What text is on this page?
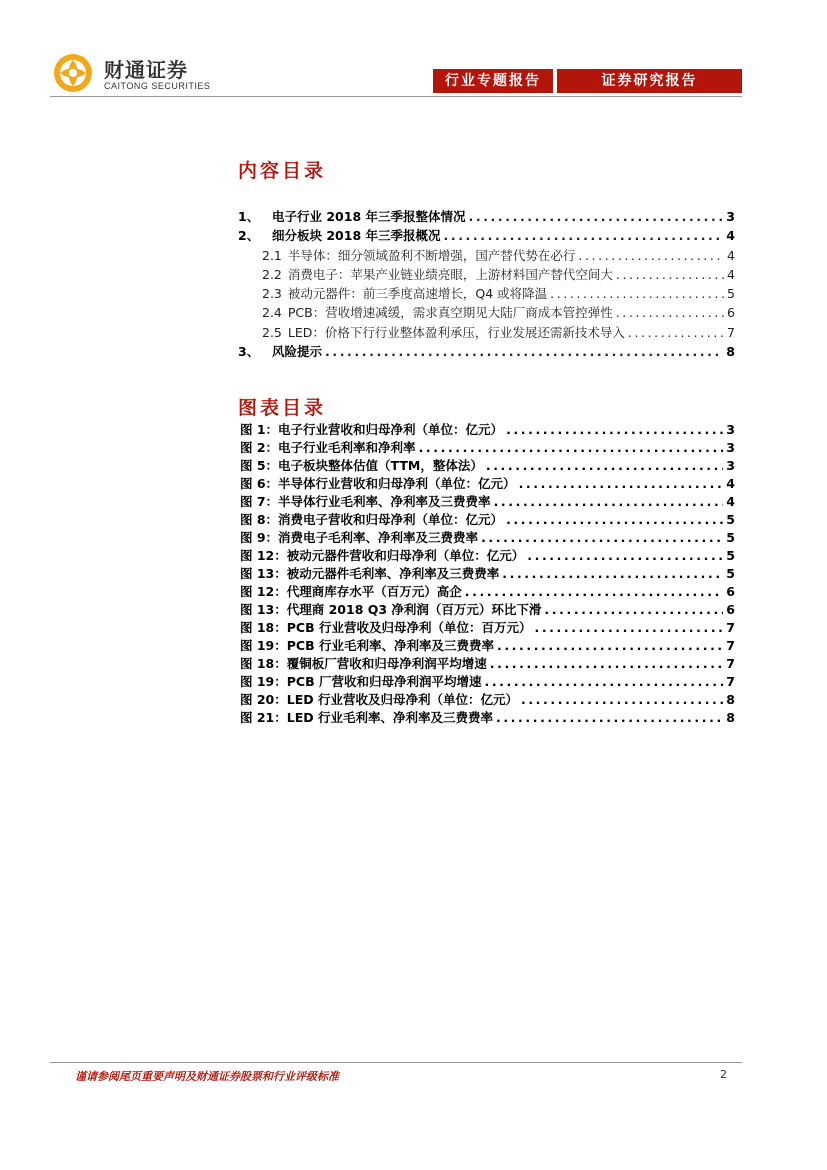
财通证券
CAITONG SECURITIES	行业专题报告	证券研究报告
内容目录
1、	电子行业 2018 年三季报整体情况 .....	3
2、	细分板块 2018 年三季报概况 .....	4
2.1 半导体：细分领域盈利不断增强，国产替代势在必行 .....	4
2.2 消费电子：苹果产业链业绩亮眼，上游材料国产替代空间大 .....	4
2.3 被动元器件：前三季度高速增长，Q4 或将降温 .....	5
2.4 PCB：营收增速减缓，需求真空期见大陆厂商成本管控弹性 .....	6
2.5 LED：价格下行行业整体盈利承压，行业发展还需新技术导入 .....	7
3、	风险提示 .....	8
图表目录
图 1：电子行业营收和归母净利（单位：亿元） .....	3
图 2：电子行业毛利率和净利率 .....	3
图 5：电子板块整体估值（TTM，整体法） .....	3
图 6：半导体行业营收和归母净利（单位：亿元） .....	4
图 7：半导体行业毛利率、净利率及三费费率 .....	4
图 8：消费电子营收和归母净利（单位：亿元） .....	5
图 9：消费电子毛利率、净利率及三费费率 .....	5
图 12：被动元器件营收和归母净利（单位：亿元） .....	5
图 13：被动元器件毛利率、净利率及三费费率 .....	5
图 12：代理商库存水平（百万元）高企 .....	6
图 13：代理商 2018 Q3 净利润（百万元）环比下滑 .....	6
图 18：PCB 行业营收及归母净利（单位：百万元） .....	7
图 19：PCB 行业毛利率、净利率及三费费率 .....	7
图 18：覆铜板厂营收和归母净利润平均增速 .....	7
图 19：PCB 厂营收和归母净利润平均增速 .....	7
图 20：LED 行业营收及归母净利（单位：亿元） .....	8
图 21：LED 行业毛利率、净利率及三费费率 .....	8
谨请参阅尾页重要声明及财通证券股票和行业评级标准	2
